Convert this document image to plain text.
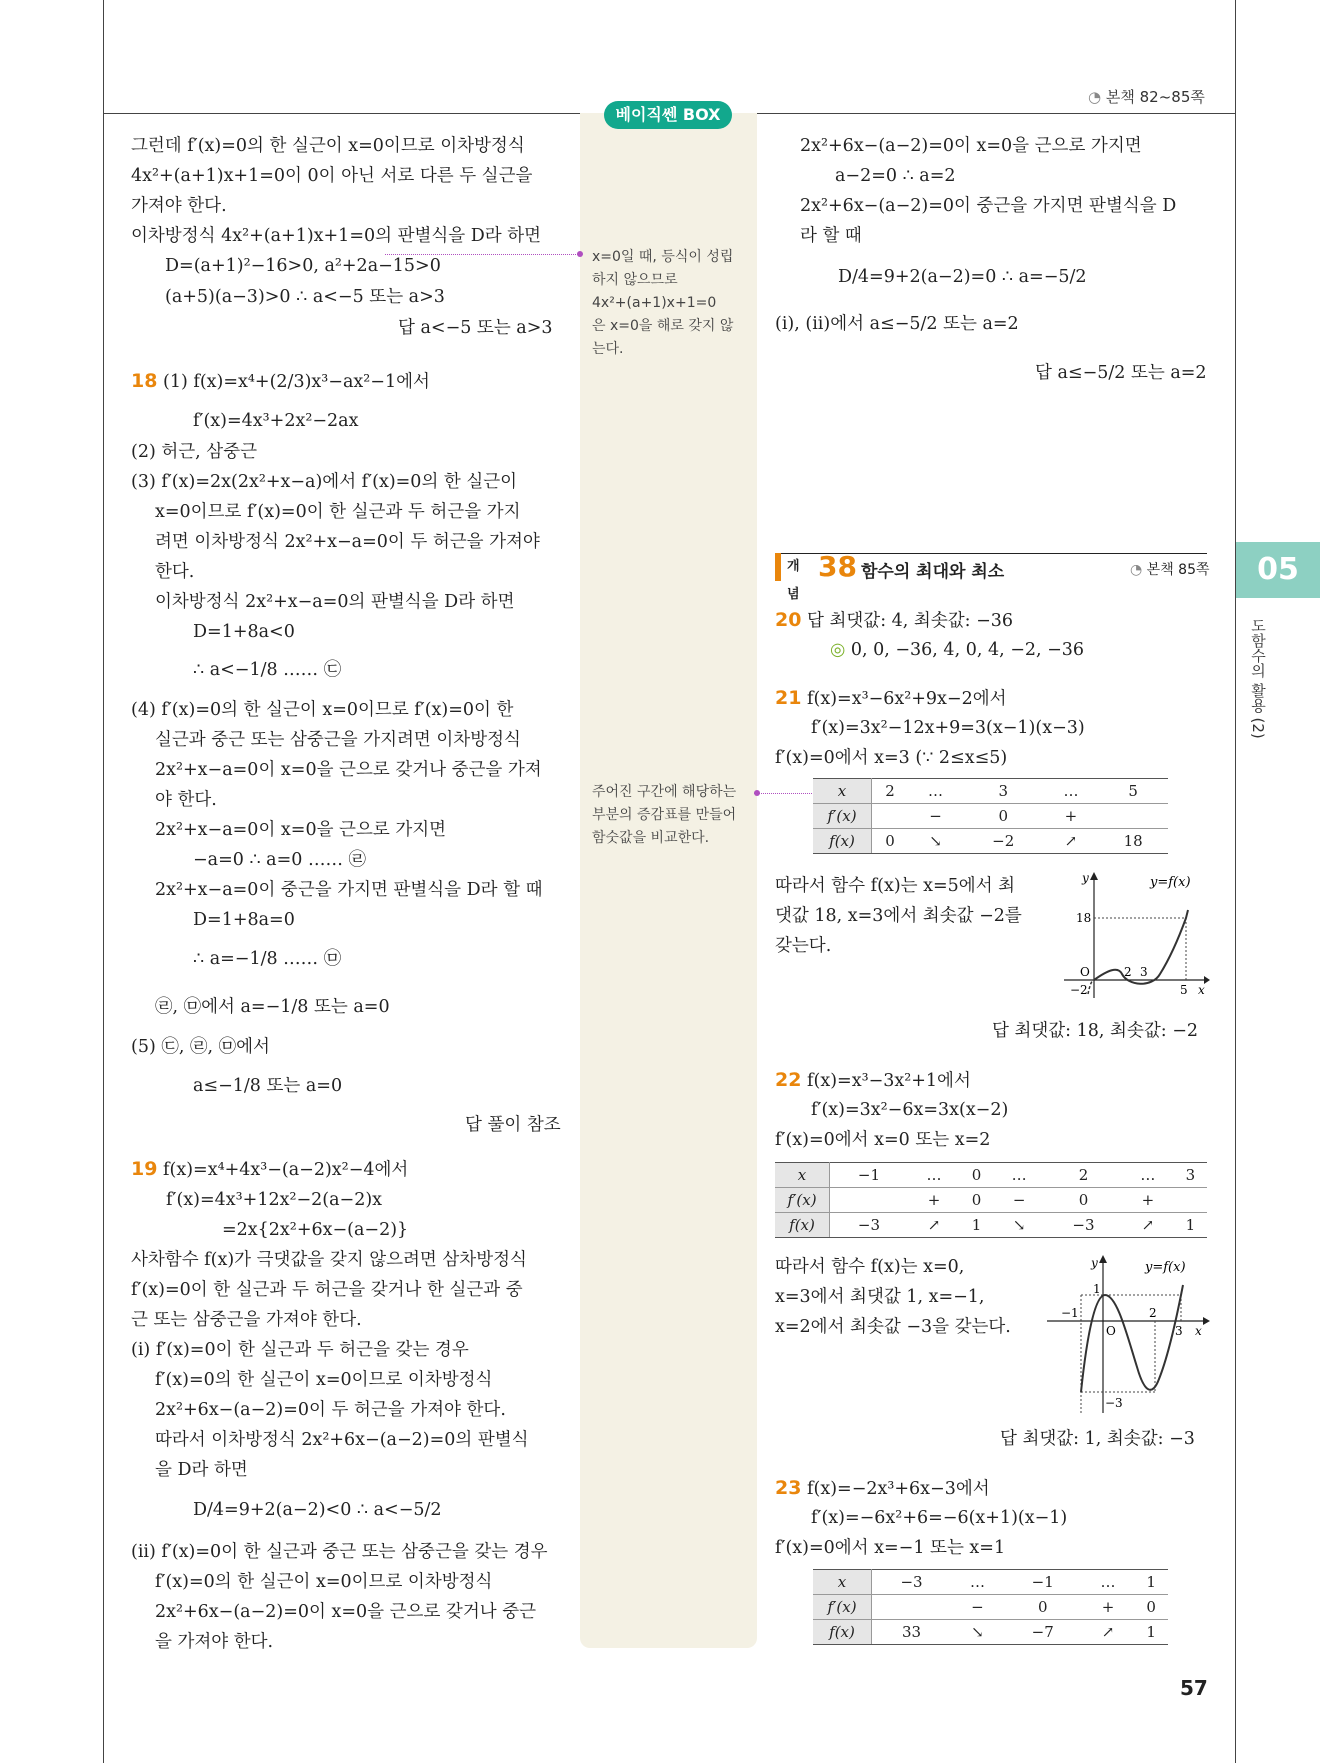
◔ 본책 82~85쪽
베이직쎈 BOX
x=0일 때, 등식이 성립
하지 않으므로
4x²+(a+1)x+1=0
은 x=0을 해로 갖지 않
는다.
주어진 구간에 해당하는
부분의 증감표를 만들어
함숫값을 비교한다.
그런데 f′(x)=0의 한 실근이 x=0이므로 이차방정식
4x²+(a+1)x+1=0이 0이 아닌 서로 다른 두 실근을
가져야 한다.
이차방정식 4x²+(a+1)x+1=0의 판별식을 D라 하면
D=(a+1)²−16>0, a²+2a−15>0
(a+5)(a−3)>0 ∴ a<−5 또는 a>3
답 a<−5 또는 a>3
18 (1) f(x)=x⁴+(2/3)x³−ax²−1에서
f′(x)=4x³+2x²−2ax
(2) 허근, 삼중근
(3) f′(x)=2x(2x²+x−a)에서 f′(x)=0의 한 실근이
x=0이므로 f′(x)=0이 한 실근과 두 허근을 가지
려면 이차방정식 2x²+x−a=0이 두 허근을 가져야
한다.
이차방정식 2x²+x−a=0의 판별식을 D라 하면
D=1+8a<0
∴ a<−1/8 …… ㉢
(4) f′(x)=0의 한 실근이 x=0이므로 f′(x)=0이 한
실근과 중근 또는 삼중근을 가지려면 이차방정식
2x²+x−a=0이 x=0을 근으로 갖거나 중근을 가져
야 한다.
2x²+x−a=0이 x=0을 근으로 가지면
−a=0 ∴ a=0 …… ㉣
2x²+x−a=0이 중근을 가지면 판별식을 D라 할 때
D=1+8a=0
∴ a=−1/8 …… ㉤
㉣, ㉤에서 a=−1/8 또는 a=0
(5) ㉢, ㉣, ㉤에서
a≤−1/8 또는 a=0
답 풀이 참조
19 f(x)=x⁴+4x³−(a−2)x²−4에서
f′(x)=4x³+12x²−2(a−2)x
=2x{2x²+6x−(a−2)}
사차함수 f(x)가 극댓값을 갖지 않으려면 삼차방정식
f′(x)=0이 한 실근과 두 허근을 갖거나 한 실근과 중
근 또는 삼중근을 가져야 한다.
(i) f′(x)=0이 한 실근과 두 허근을 갖는 경우
f′(x)=0의 한 실근이 x=0이므로 이차방정식
2x²+6x−(a−2)=0이 두 허근을 가져야 한다.
따라서 이차방정식 2x²+6x−(a−2)=0의 판별식
을 D라 하면
D/4=9+2(a−2)<0 ∴ a<−5/2
(ii) f′(x)=0이 한 실근과 중근 또는 삼중근을 갖는 경우
f′(x)=0의 한 실근이 x=0이므로 이차방정식
2x²+6x−(a−2)=0이 x=0을 근으로 갖거나 중근
을 가져야 한다.
2x²+6x−(a−2)=0이 x=0을 근으로 가지면
a−2=0 ∴ a=2
2x²+6x−(a−2)=0이 중근을 가지면 판별식을 D
라 할 때
D/4=9+2(a−2)=0 ∴ a=−5/2
(i), (ii)에서 a≤−5/2 또는 a=2
답 a≤−5/2 또는 a=2
개념
38 함수의 최대와 최소	◔ 본책 85쪽	05
도함수의 활용 (2)
20 답 최댓값: 4, 최솟값: −36
◎ 0, 0, −36, 4, 0, 4, −2, −36
21 f(x)=x³−6x²+9x−2에서
f′(x)=3x²−12x+9=3(x−1)(x−3)
f′(x)=0에서 x=3 (∵ 2≤x≤5)
x	2	…	3	…	5
f′(x)		−	0	+	
f(x)	0	↘	−2	↗	18
따라서 함수 f(x)는 x=5에서 최
댓값 18, x=3에서 최솟값 −2를
갖는다.
y	y=f(x)
18
O	2 3
−2	5 x
답 최댓값: 18, 최솟값: −2
22 f(x)=x³−3x²+1에서
f′(x)=3x²−6x=3x(x−2)
f′(x)=0에서 x=0 또는 x=2
x	−1	…	0	…	2	…	3
f′(x)		+	0	−	0	+	
f(x)	−3	↗	1	↘	−3	↗	1
따라서 함수 f(x)는 x=0,
x=3에서 최댓값 1, x=−1,
x=2에서 최솟값 −3을 갖는다.
y	y=f(x)
1
−1
O
2
3 x
−3
답 최댓값: 1, 최솟값: −3
23 f(x)=−2x³+6x−3에서
f′(x)=−6x²+6=−6(x+1)(x−1)
f′(x)=0에서 x=−1 또는 x=1
x	−3	…	−1	…	1
f′(x)		−	0	+	0
f(x)	33	↘	−7	↗	1
57
